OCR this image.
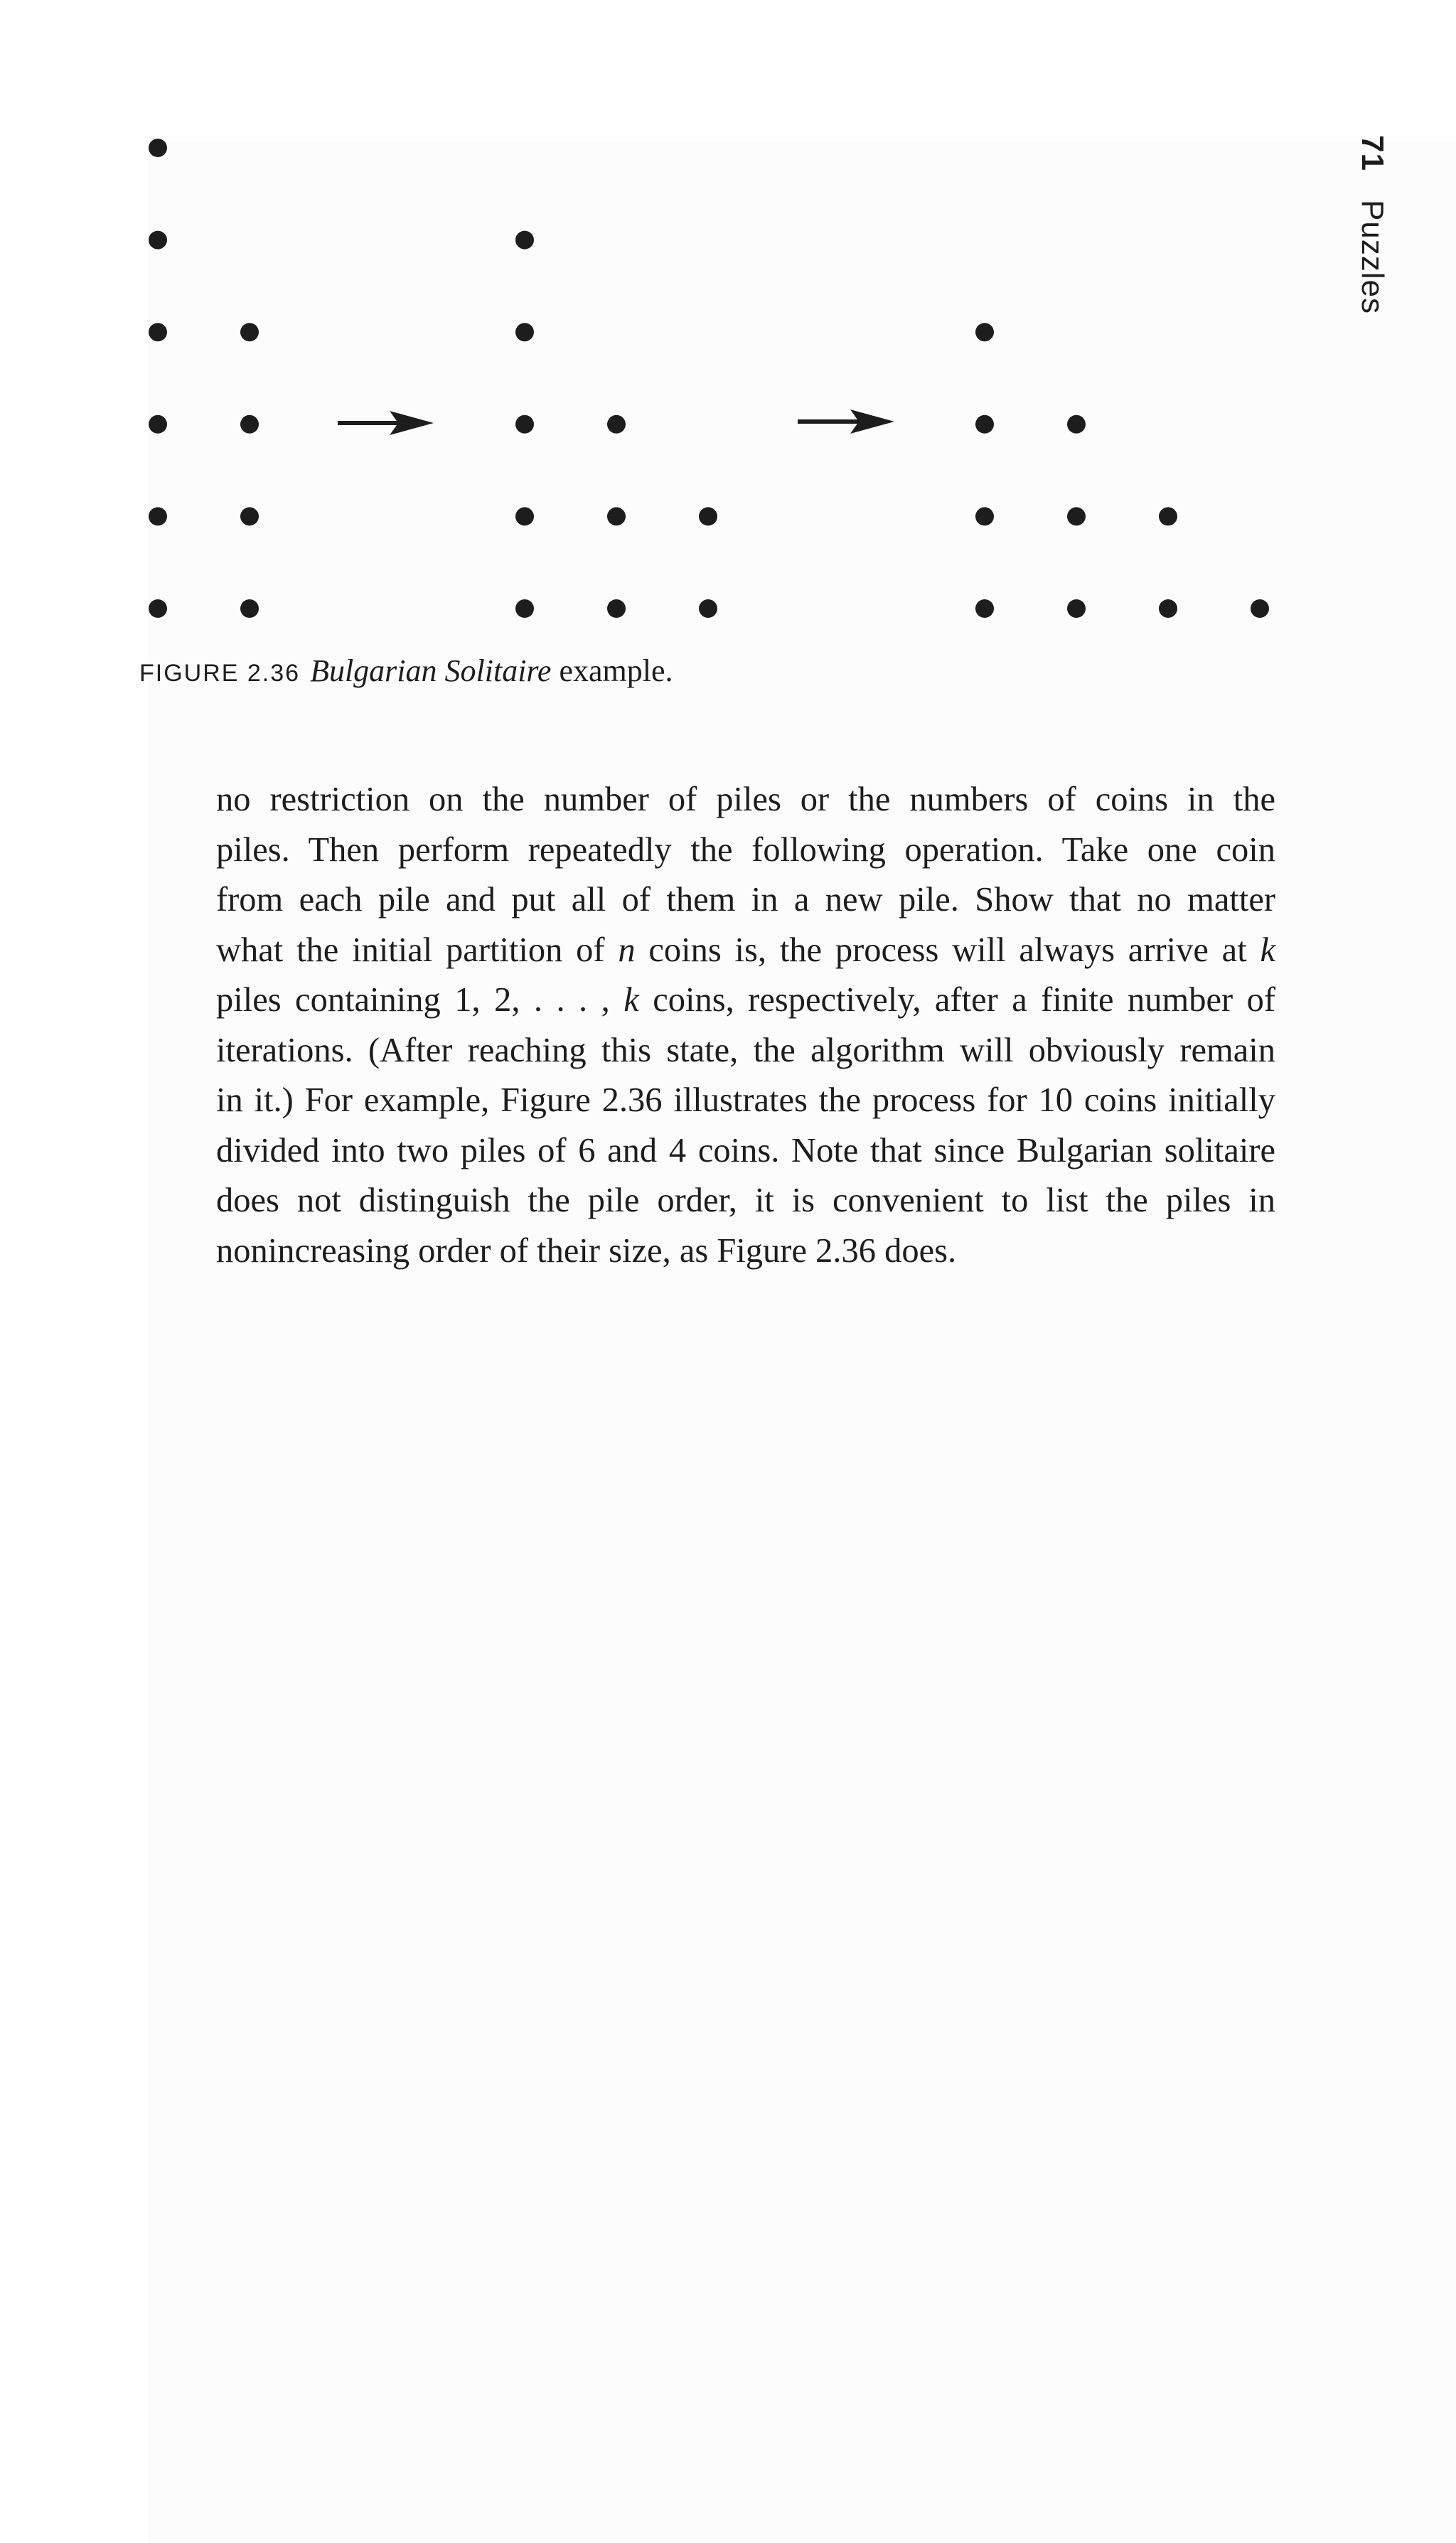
71Puzzles
FIGURE 2.36 Bulgarian Solitaire example.
no restriction on the number of piles or the numbers of coins in the
piles. Then perform repeatedly the following operation. Take one coin
from each pile and put all of them in a new pile. Show that no matter
what the initial partition of n coins is, the process will always arrive at k
piles containing 1, 2, . . . , k coins, respectively, after a finite number of
iterations. (After reaching this state, the algorithm will obviously remain
in it.) For example, Figure 2.36 illustrates the process for 10 coins initially
divided into two piles of 6 and 4 coins. Note that since Bulgarian solitaire
does not distinguish the pile order, it is convenient to list the piles in
nonincreasing order of their size, as Figure 2.36 does.
